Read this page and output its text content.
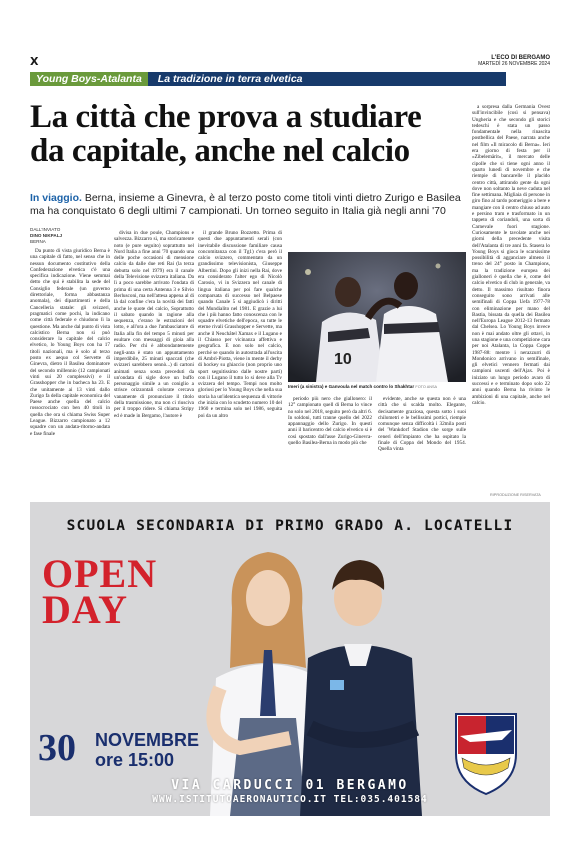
X	L'ECO DI BERGAMO
MARTEDÌ 26 NOVEMBRE 2024
Young Boys-Atalanta	La tradizione in terra elvetica
La città che prova a studiare
da capitale, anche nel calcio
In viaggio. Berna, insieme a Ginevra, è al terzo posto come titoli vinti dietro Zurigo e Basilea ma ha conquistato 6 degli ultimi 7 campionati. Un torneo seguito in Italia già negli anni '70
DALL'INVIATO
DINO NIKPALJ
BERNA

Da punto di vista giuridico Berna è una capitale di fatto, nel senso che in nessun documento costitutivo della Confederazione elvetica c'è una specifica indicazione. Viene semmai detto che qui è stabilita la sede del Consiglio federale (un governo direttoriale, forma abbastanza anomala), dei dipartimenti e della Cancelleria statale: gli svizzeri, pragmatici come pochi, la indicano come città federale e chiudono lì la questione. Ma anche dal punto di vista calcistico Berna non si può considerare la capitale del calcio elvetico, lo Young Boys con ha 17 titoli nazionali, ma è solo al terzo posto ex aequo col Servette di Ginevra, dietro il Basilea dominatore del secondo millennio (12 campionati vinti sui 20 complessivi) e il Grasshopper che in bacheca ha 23. E che unitamente ai 13 vinti dallo Zurigo fa della capitale economica del Paese anche quella del calcio rossocrociato con ben 40 titoli in quella che ora si chiama Swiss Super League. Bizzarro campionato a 12 squadre con un andata-ritorno-andata e fase finale

divisa in due poule, Champions e salvezza. Bizzarro sì, ma storicamente noto (e pure seguito) soprattutto nel Nord Italia a fine anni '70 quando una delle poche occasioni di mensione calcio da dalle due reti Rai (la terza debutta solo nel 1979) era il canale della Televisione svizzera italiana. Da lì a poco sarebbe arrivato l'ondata di prima di una certa Antenna 3 e Silvio Berlusconi, ma nell'attesa appena al di là dal confine c'era la novità dei fatti anche le quote del calcio, Soprattutto il sabato quando in ragione alla sequenza, c'erano le estrazioni del lotto, e all'ora a due l'ambasciatore di Italia alla fin del tempo 5 minuti per esultare con messaggi di gioia alla radio. Per chi è abbondantemente negli-anta è stato un appuntamento imperdibile, 25 minuti spaccati (che svizzeri sarebbero sennò...) di cartoni animati senza sosta preceduti da un'ondata di sigle dove un buffo personaggio simile a un coniglio a strisce orizzontali colorate cercava vanamente di pronunciare il titolo della trasmissione, ma non ci riusciva per il troppo ridere. Si chiama Stripy ed è made in Bergamo, l'autore è

il grande Bruno Bozzetto. Prima di questi due appuntamenti serali (con inevitabile discussione familiare causa concomitanza con il Tg1) c'era però il calcio svizzero, commentato da un grandissimo televisionista, Giuseppe Albertini. Dopo gli inizi nella Rai, dove era considerato l'alter ego di Nicolò Carosio, vi in Svizzera nel canale di lingua italiana per poi fare qualche comparsata di successo nel Belpaese quando Canale 5 si aggiudicò i diritti del Mundialito nel 1981. E grazie a lui che i più hanno fatto conoscenza con le squadre elvetiche dell'epoca, su tutte le eterne rivali Grasshopper e Servette, ma anche il Neuchâtel Xamax e il Lugano e il Chiasso per vicinanza affettiva e geografica. E non solo nel calcio, perché se quando in autostrada all'uscita di Ambrì-Piotta, viene in mente il derby di hockey su ghiaccio (non proprio uno sport seguitissimo dalle nostre parti) con il Lugano il tutto lo si deve alla Tv svizzera del tempo. Tempi non molto gloriosi per lo Young Boys che nella sua storia ha un'identica sequenza di vittorie che inizia con lo scudetto numero 10 del 1960 e termina solo nel 1986, seguita poi da un altro

10
Imeri (a sinistra) e Ganvoula nel match contro lo Shakhtar FOTO ANSA

periodo più nero che giallonero: il 12° campionato quell di Berna lo vince no solo nel 2018, seguito però da altri 6. In soldoni, tutti tranne quello del 2022 appannaggio dello Zurigo. In questi anni il baricentro del calcio elvetico si è così spostato dall'asse Zurigo-Ginevra-quello Basilea-Berna in modo più che

evidente, anche se questa non è una città che si scalda molto. Elegante, decisamente graziosa, questa sotto i suoi chilometri e le bellissimi portici, riempie comunque senza difficoltà i 32mila posti del 'Wankdorf Stadion che sorge sulle ceneri dell'impianto che ha ospitato la finale di Coppa del Mondo del 1954. Quella vinta

a sorpresa dalla Germania Ovest sull'invincibile (così si pensava) Ungheria e che secondo gli storici tedeschi è stata un passo fondamentale nella rinascita postbellica del Paese, narrata anche nel film «Il miracolo di Berna». Ieri era giorno di festa per il «Zibelemärit», il mercato delle cipolle che si tiene ogni anno il quarto lunedì di novembre e che riempie di bancarelle il placido centro città, attirando gente da ogni dove non soltanto la neve caduta nel fine settimana. Migliaia di persone in giro fino al tardo pomeriggio a bere e mangiare con il centro chiuso ad auto e persino tram e trasformato in un tappeto di coriandoli, una sorta di Carnevale fuori stagione. Curiosamente le tavolate anche nei giorni della precedente visita dell'Atalanta di tre anni fa. Stasera lo Young Boys si gioca le scarsissime possibilità di agganciare almeno il treno del 24° posto in Champions, ma la tradizione europea dei gialloneri è quella che è, come del calcio elvetico di club in generale, va detto. Il massimo risultato finora conseguito sono arrivati alle semifinali di Coppa Uefa 1977-78 con eliminazione per mano del Bastia, bissata da quella dei Basilea nell'Europa League 2012-13 fermato dal Chelsea. Lo Young Boys invece non è mai andato oltre gli ottavi, in una stagione e una competizione cara per noi Atalanta, la Coppa Coppe 1987-88: mentre i nerazzurri di Mondonico arrivano in semifinale, gli elvetici vennero fermati dai campioni uscenti dell'Ajax. Poi è iniziato un lungo periodo avaro di successi e e terminato dopo solo 22 anni quando Berna ha rivinto le ambizioni di una capitale, anche nel calcio.

RIPRODUZIONE RISERVATA
SCUOLA SECONDARIA DI PRIMO GRADO A. LOCATELLI
OPEN
DAY
30 NOVEMBRE
ore 15:00
VIA CARDUCCI 01 BERGAMO
WWW.ISTITUTOAERONAUTICO.IT TEL:035.401584
